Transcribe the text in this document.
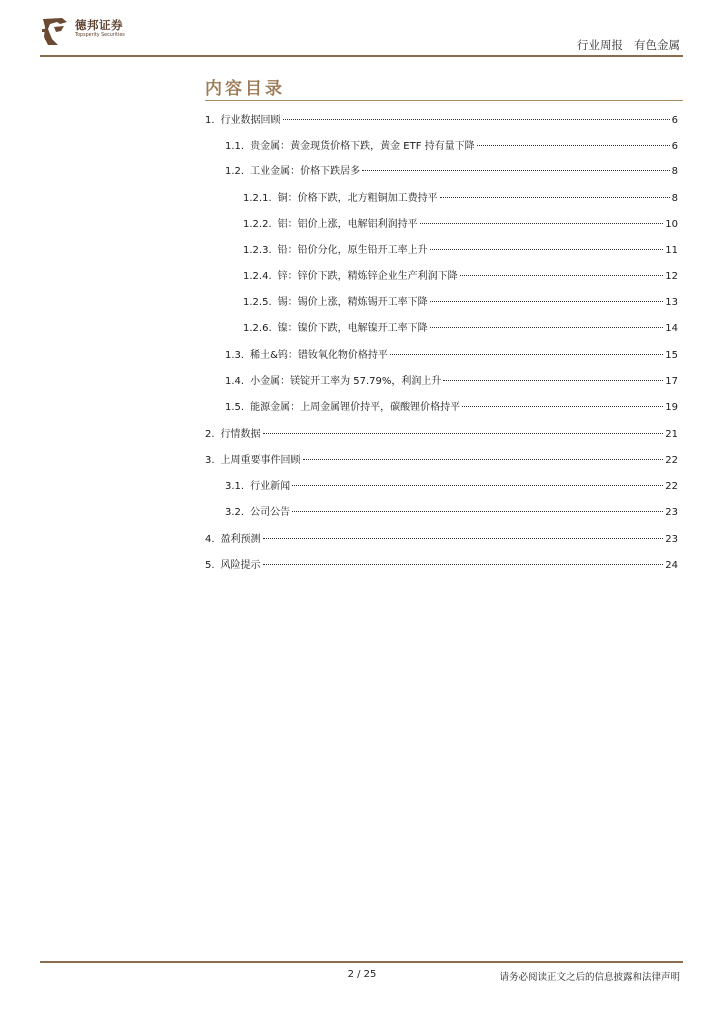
德邦证券
Topsperity Securities
行业周报 有色金属
内容目录
1. 行业数据回顾	6
1.1. 贵金属：黄金现货价格下跌，黄金 ETF 持有量下降	6
1.2. 工业金属：价格下跌居多	8
1.2.1. 铜：价格下跌，北方粗铜加工费持平	8
1.2.2. 铝：铝价上涨，电解铝利润持平	10
1.2.3. 铅：铅价分化，原生铅开工率上升	11
1.2.4. 锌：锌价下跌，精炼锌企业生产利润下降	12
1.2.5. 锡：锡价上涨，精炼锡开工率下降	13
1.2.6. 镍：镍价下跌，电解镍开工率下降	14
1.3. 稀土&钨：镨钕氧化物价格持平	15
1.4. 小金属：镁锭开工率为 57.79%，利润上升	17
1.5. 能源金属：上周金属锂价持平，碳酸锂价格持平	19
2. 行情数据	21
3. 上周重要事件回顾	22
3.1. 行业新闻	22
3.2. 公司公告	23
4. 盈利预测	23
5. 风险提示	24
2 / 25	请务必阅读正文之后的信息披露和法律声明
